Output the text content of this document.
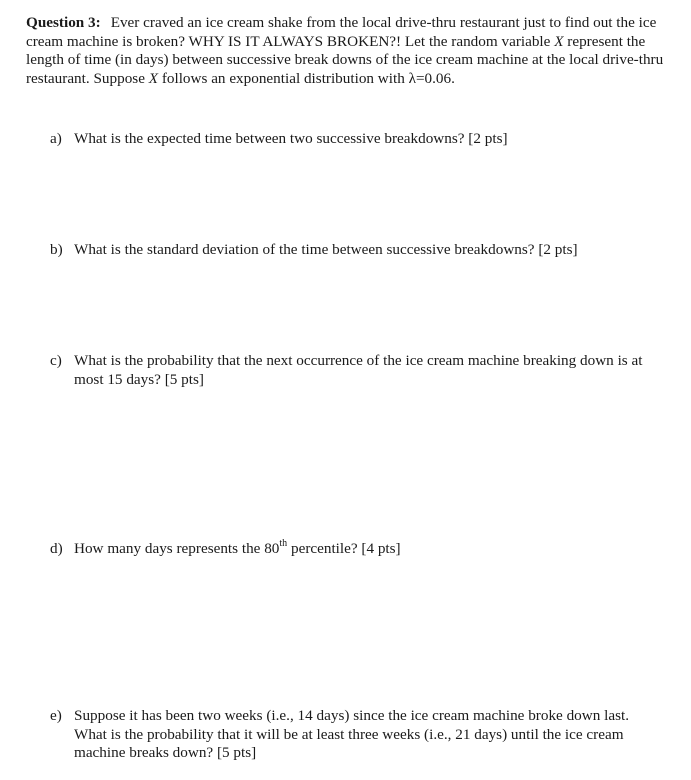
Question 3: Ever craved an ice cream shake from the local drive-thru restaurant just to find out the ice cream machine is broken? WHY IS IT ALWAYS BROKEN?! Let the random variable X represent the length of time (in days) between successive break downs of the ice cream machine at the local drive-thru restaurant. Suppose X follows an exponential distribution with λ=0.06.
a) What is the expected time between two successive breakdowns? [2 pts]
b) What is the standard deviation of the time between successive breakdowns? [2 pts]
c) What is the probability that the next occurrence of the ice cream machine breaking down is at most 15 days? [5 pts]
d) How many days represents the 80th percentile? [4 pts]
e) Suppose it has been two weeks (i.e., 14 days) since the ice cream machine broke down last. What is the probability that it will be at least three weeks (i.e., 21 days) until the ice cream machine breaks down? [5 pts]
